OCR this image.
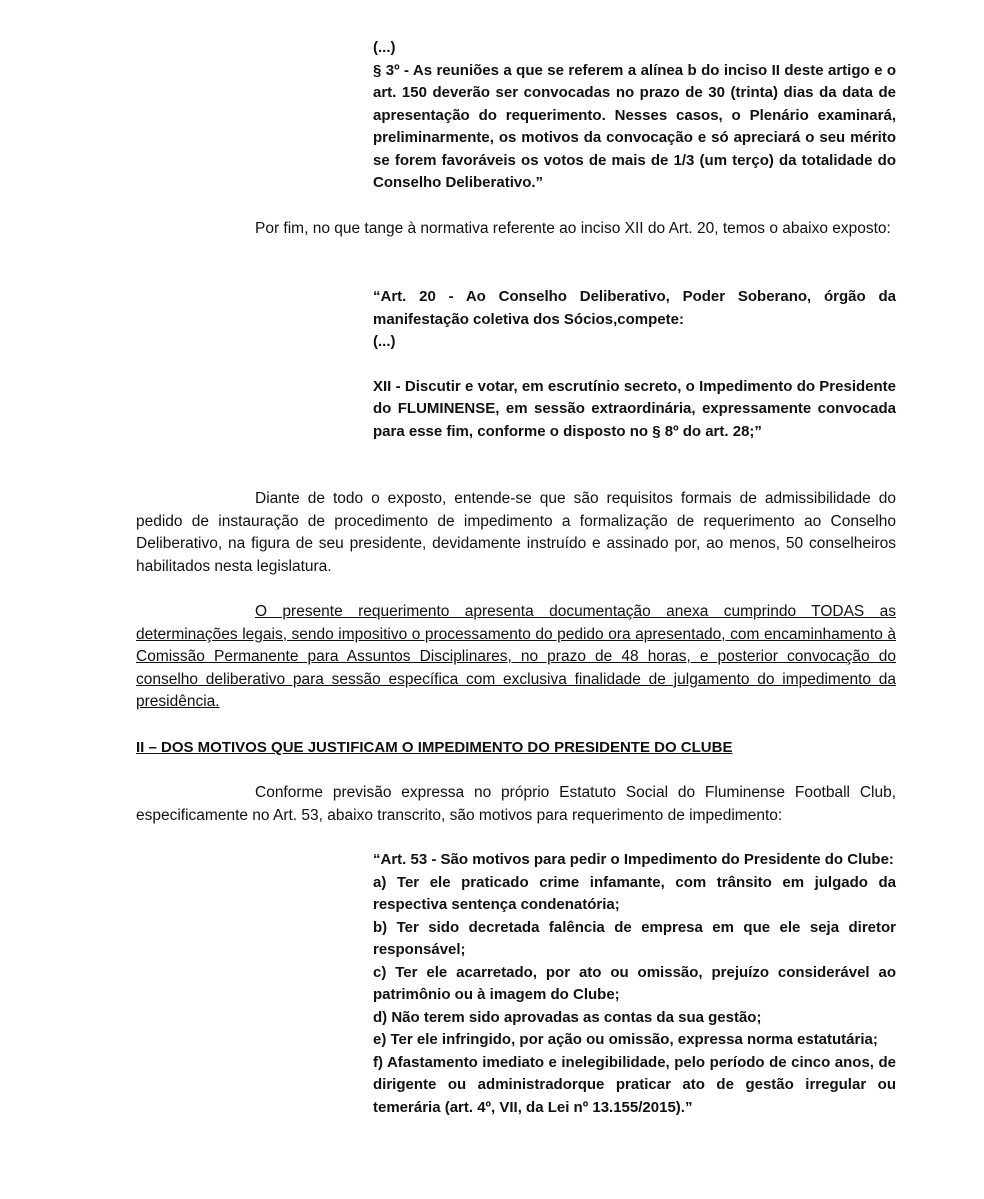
(...)

§ 3º - As reuniões a que se referem a alínea b do inciso II deste artigo e o art. 150 deverão ser convocadas no prazo de 30 (trinta) dias da data de apresentação do requerimento. Nesses casos, o Plenário examinará, preliminarmente, os motivos da convocação e só apreciará o seu mérito se forem favoráveis os votos de mais de 1/3 (um terço) da totalidade do Conselho Deliberativo.”

Por fim, no que tange à normativa referente ao inciso XII do Art. 20, temos o abaixo exposto:

“Art. 20 - Ao Conselho Deliberativo, Poder Soberano, órgão da manifestação coletiva dos Sócios,compete:

(...)

XII - Discutir e votar, em escrutínio secreto, o Impedimento do Presidente do FLUMINENSE, em sessão extraordinária, expressamente convocada para esse fim, conforme o disposto no § 8º do art. 28;”

Diante de todo o exposto, entende-se que são requisitos formais de admissibilidade do pedido de instauração de procedimento de impedimento a formalização de requerimento ao Conselho Deliberativo, na figura de seu presidente, devidamente instruído e assinado por, ao menos, 50 conselheiros habilitados nesta legislatura.

O presente requerimento apresenta documentação anexa cumprindo TODAS as determinações legais, sendo impositivo o processamento do pedido ora apresentado, com encaminhamento à Comissão Permanente para Assuntos Disciplinares, no prazo de 48 horas, e posterior convocação do conselho deliberativo para sessão específica com exclusiva finalidade de julgamento do impedimento da presidência.

II – DOS MOTIVOS QUE JUSTIFICAM O IMPEDIMENTO DO PRESIDENTE DO CLUBE

Conforme previsão expressa no próprio Estatuto Social do Fluminense Football Club, especificamente no Art. 53, abaixo transcrito, são motivos para requerimento de impedimento:

“Art. 53 - São motivos para pedir o Impedimento do Presidente do Clube:

a) Ter ele praticado crime infamante, com trânsito em julgado da respectiva sentença condenatória;

b) Ter sido decretada falência de empresa em que ele seja diretor responsável;

c) Ter ele acarretado, por ato ou omissão, prejuízo considerável ao patrimônio ou à imagem do Clube;

d) Não terem sido aprovadas as contas da sua gestão;

e) Ter ele infringido, por ação ou omissão, expressa norma estatutária;

f) Afastamento imediato e inelegibilidade, pelo período de cinco anos, de dirigente ou administradorque praticar ato de gestão irregular ou temerária (art. 4º, VII, da Lei nº 13.155/2015).”
